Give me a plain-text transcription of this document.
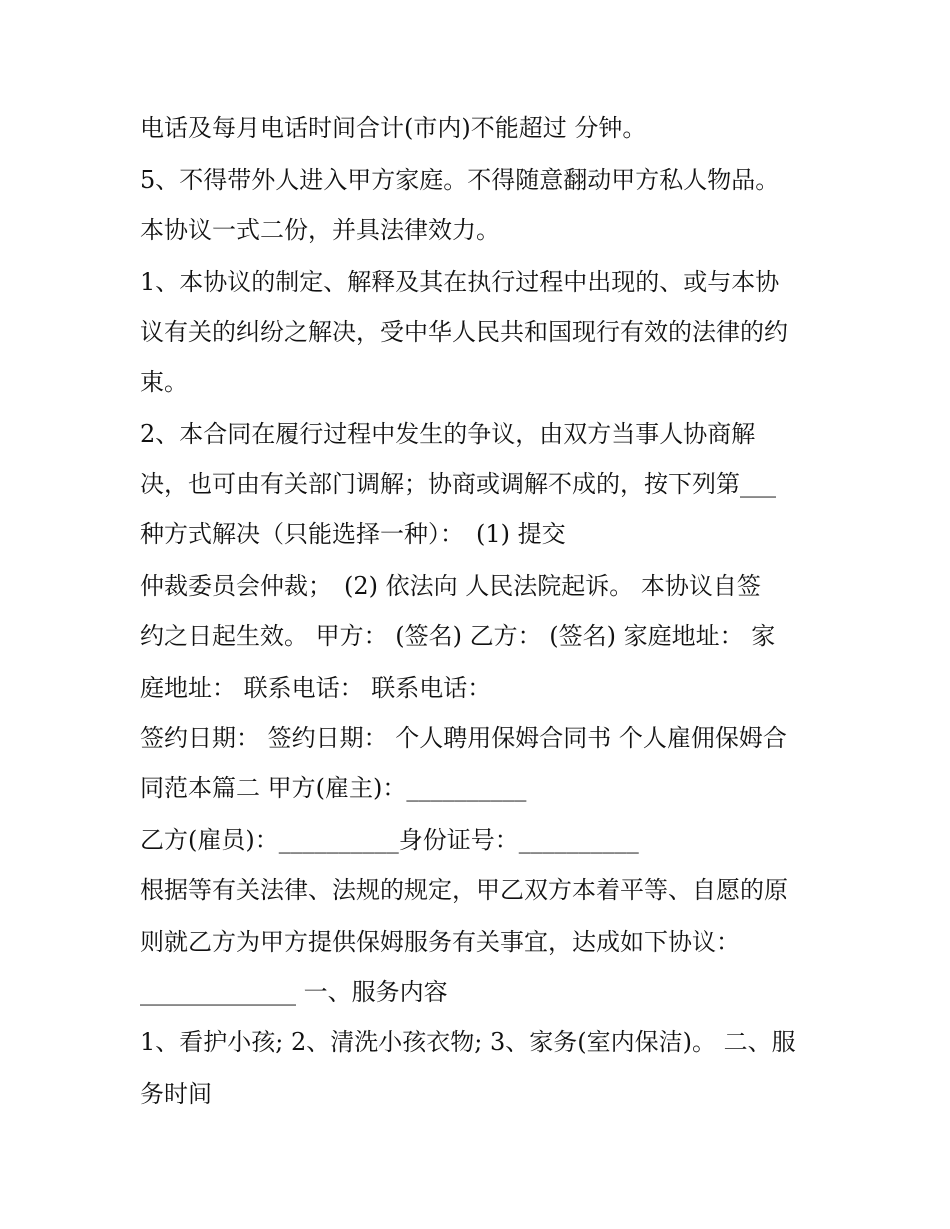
电话及每月电话时间合计(市内)不能超过 分钟。
5、不得带外人进入甲方家庭。不得随意翻动甲方私人物品。
本协议一式二份，并具法律效力。
1、本协议的制定、解释及其在执行过程中出现的、或与本协
议有关的纠纷之解决，受中华人民共和国现行有效的法律的约
束。
2、本合同在履行过程中发生的争议，由双方当事人协商解
决，也可由有关部门调解；协商或调解不成的，按下列第___
种方式解决（只能选择一种）：　(1) 提交
仲裁委员会仲裁；　(2) 依法向 人民法院起诉。 本协议自签
约之日起生效。 甲方： (签名) 乙方： (签名) 家庭地址： 家
庭地址： 联系电话： 联系电话：
签约日期： 签约日期： 个人聘用保姆合同书 个人雇佣保姆合
同范本篇二 甲方(雇主)：__________
乙方(雇员)：__________身份证号：__________
根据等有关法律、法规的规定，甲乙双方本着平等、自愿的原
则就乙方为甲方提供保姆服务有关事宜，达成如下协议：
_____________ 一、服务内容
1、看护小孩; 2、清洗小孩衣物; 3、家务(室内保洁)。 二、服
务时间
